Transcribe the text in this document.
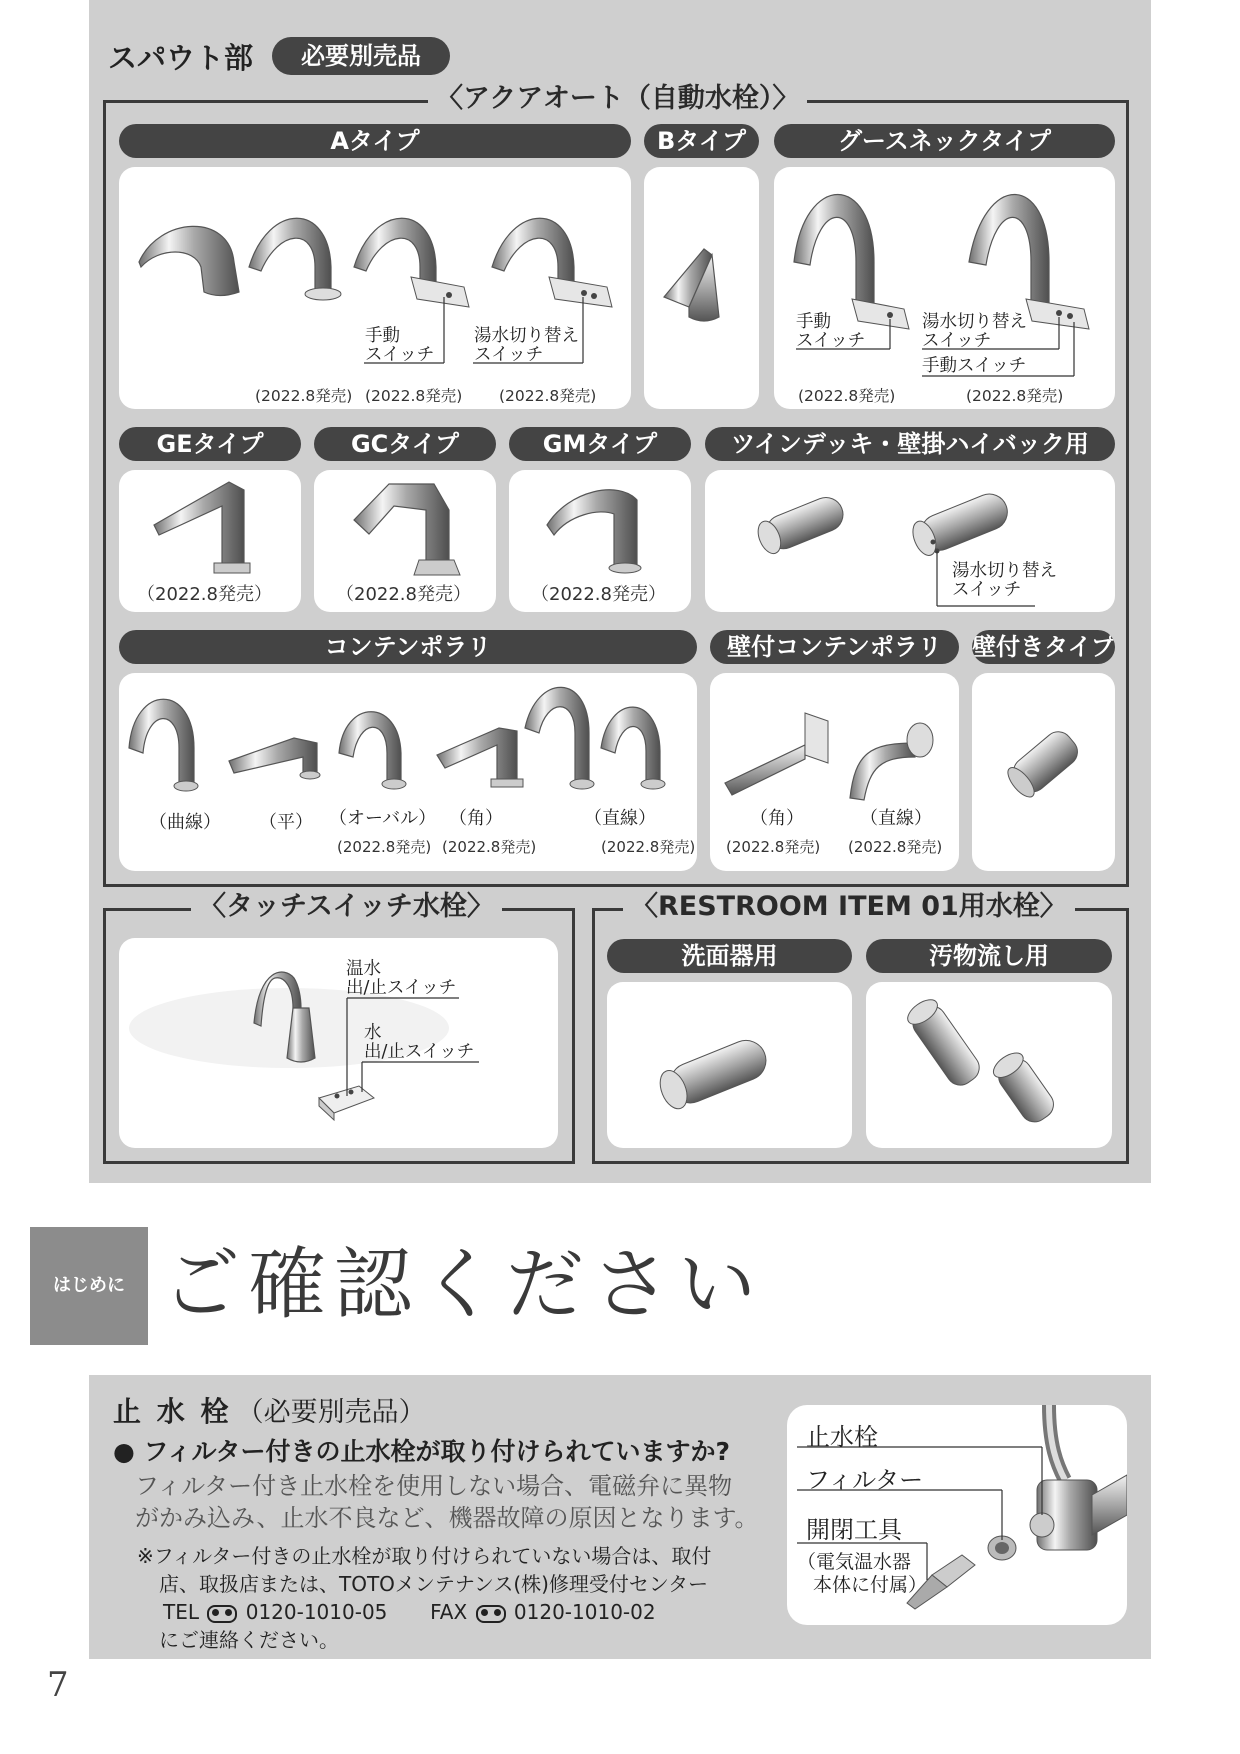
スパウト部	必要別売品
〈アクアオート（自動水栓）〉
Aタイプ	Bタイプ	グースネックタイプ
手動
スイッチ
湯水切り替え
スイッチ
(2022.8発売) (2022.8発売) (2022.8発売)
手動
スイッチ
湯水切り替え
スイッチ
手動スイッチ
(2022.8発売)	(2022.8発売)
GEタイプ	GCタイプ	GMタイプ	ツインデッキ・壁掛ハイバック用
（2022.8発売）	（2022.8発売）	（2022.8発売）
湯水切り替え
スイッチ
コンテンポラリ	壁付コンテンポラリ	壁付きタイプ
（曲線） （平） （オーバル） （角）	（直線）
(2022.8発売) (2022.8発売)	(2022.8発売)
（角）	（直線）
(2022.8発売) (2022.8発売)
〈タッチスイッチ水栓〉
温水
出/止スイッチ
水
出/止スイッチ
〈RESTROOM ITEM 01用水栓〉
洗面器用	汚物流し用
はじめに ご確認ください
止 水 栓 （必要別売品）
● フィルター付きの止水栓が取り付けられていますか?
フィルター付き止水栓を使用しない場合、電磁弁に異物
がかみ込み、止水不良など、機器故障の原因となります。
※フィルター付きの止水栓が取り付けられていない場合は、取付
店、取扱店または、TOTOメンテナンス(株)修理受付センター
TEL 0120-1010-05 FAX 0120-1010-02
にご連絡ください。
止水栓
フィルター
開閉工具
（電気温水器
本体に付属）
7
